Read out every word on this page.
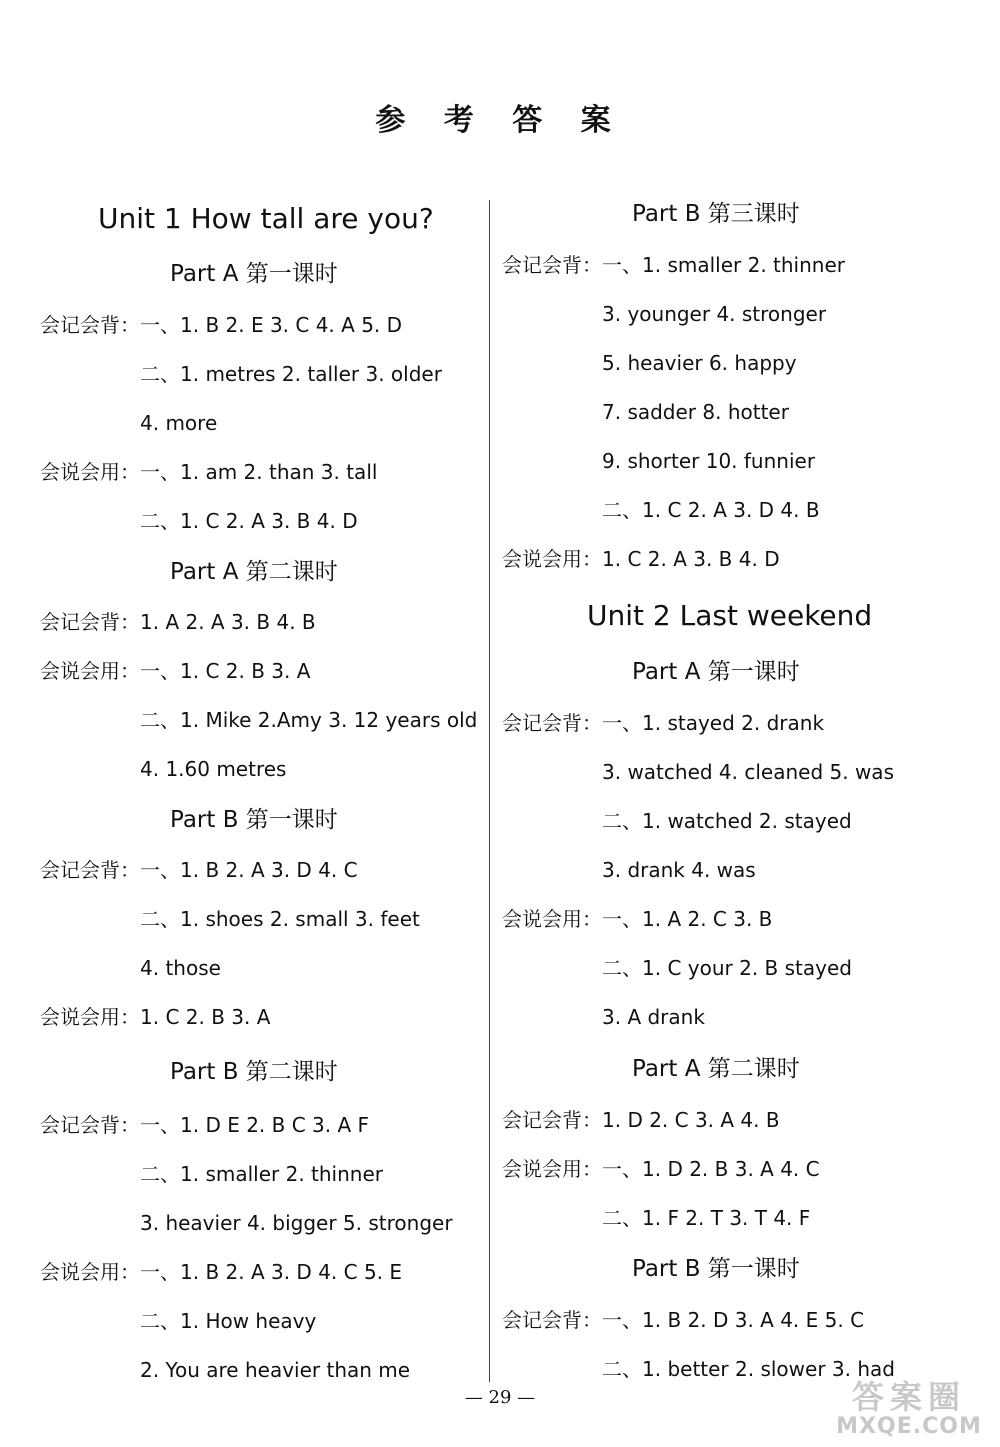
参 考 答 案
Unit 1 How tall are you?
Part A 第一课时
会记会背：一、1. B 2. E 3. C 4. A 5. D
二、1. metres 2. taller 3. older
4. more
会说会用：一、1. am 2. than 3. tall
二、1. C 2. A 3. B 4. D
Part A 第二课时
会记会背：1. A 2. A 3. B 4. B
会说会用：一、1. C 2. B 3. A
二、1. Mike 2.Amy 3. 12 years old
4. 1.60 metres
Part B 第一课时
会记会背：一、1. B 2. A 3. D 4. C
二、1. shoes 2. small 3. feet
4. those
会说会用：1. C 2. B 3. A
Part B 第二课时
会记会背：一、1. D E 2. B C 3. A F
二、1. smaller 2. thinner
3. heavier 4. bigger 5. stronger
会说会用：一、1. B 2. A 3. D 4. C 5. E
二、1. How heavy
2. You are heavier than me
Part B 第三课时
会记会背：一、1. smaller 2. thinner
3. younger 4. stronger
5. heavier 6. happy
7. sadder 8. hotter
9. shorter 10. funnier
二、1. C 2. A 3. D 4. B
会说会用：1. C 2. A 3. B 4. D
Unit 2 Last weekend
Part A 第一课时
会记会背：一、1. stayed 2. drank
3. watched 4. cleaned 5. was
二、1. watched 2. stayed
3. drank 4. was
会说会用：一、1. A 2. C 3. B
二、1. C your 2. B stayed
3. A drank
Part A 第二课时
会记会背：1. D 2. C 3. A 4. B
会说会用：一、1. D 2. B 3. A 4. C
二、1. F 2. T 3. T 4. F
Part B 第一课时
会记会背：一、1. B 2. D 3. A 4. E 5. C
二、1. better 2. slower 3. had
— 29 —	答案圈
MXQE.COM
